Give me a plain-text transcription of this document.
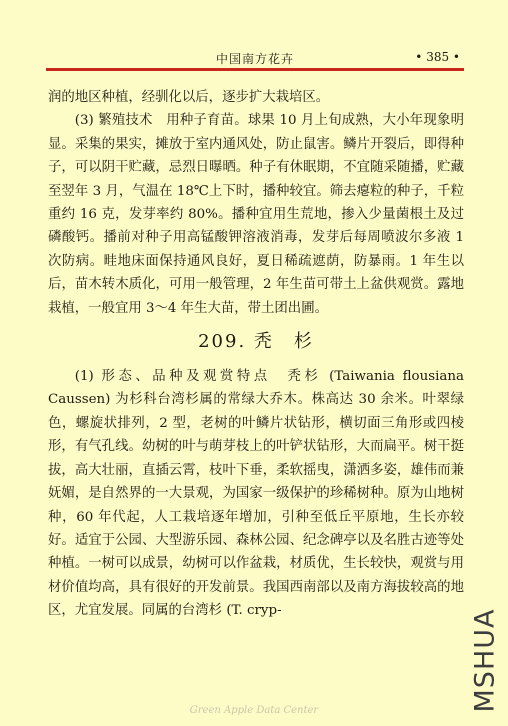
中国南方花卉	• 385 •

润的地区种植，经驯化以后，逐步扩大栽培区。

(3) 繁殖技术　用种子育苗。球果 10 月上旬成熟，大小年现象明显。采集的果实，摊放于室内通风处，防止鼠害。鳞片开裂后，即得种子，可以阴干贮藏，忌烈日曝晒。种子有休眠期，不宜随采随播，贮藏至翌年 3 月，气温在 18℃上下时，播种较宜。筛去瘪粒的种子，千粒重约 16 克，发芽率约 80%。播种宜用生荒地，掺入少量菌根土及过磷酸钙。播前对种子用高锰酸钾溶液消毒，发芽后每周喷波尔多液 1 次防病。畦地床面保持通风良好，夏日稀疏遮荫，防暴雨。1 年生以后，苗木转木质化，可用一般管理，2 年生苗可带土上盆供观赏。露地栽植，一般宜用 3～4 年生大苗，带土团出圃。

209. 秃　杉

(1) 形态、品种及观赏特点　秃杉 (Taiwania flousiana Caussen) 为杉科台湾杉属的常绿大乔木。株高达 30 余米。叶翠绿色，螺旋状排列，2 型，老树的叶鳞片状钻形，横切面三角形或四棱形，有气孔线。幼树的叶与萌芽枝上的叶铲状钻形，大而扁平。树干挺拔，高大壮丽，直插云霄，枝叶下垂，柔软摇曳，潇洒多姿，雄伟而兼妩媚，是自然界的一大景观，为国家一级保护的珍稀树种。原为山地树种，60 年代起，人工栽培逐年增加，引种至低丘平原地，生长亦较好。适宜于公园、大型游乐园、森林公园、纪念碑亭以及名胜古迹等处种植。一树可以成景，幼树可以作盆栽，材质优，生长较快，观赏与用材价值均高，具有很好的开发前景。我国西南部以及南方海拔较高的地区，尤宜发展。同属的台湾杉 (T. cryp-	MSHUA
Green Apple Data Center
